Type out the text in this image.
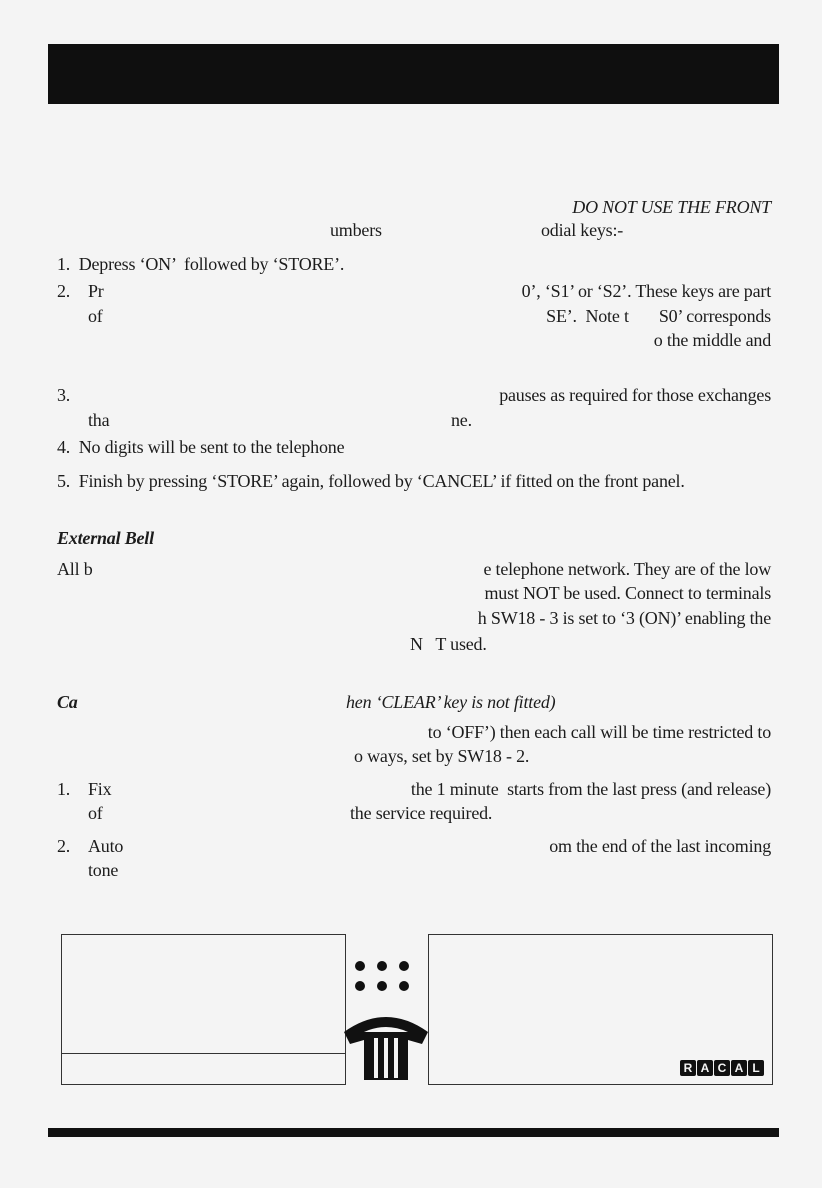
DO NOT USE THE FRONT
umbers	odial keys:-
1.  Depress ‘ON’  followed by ‘STORE’.
2. Pr	0’, ‘S1’ or ‘S2’. These keys are part
of	SE’.  Note t       S0’ corresponds
o the middle and
3.	pauses as required for those exchanges
tha	ne.
4.  No digits will be sent to the telephone
5.  Finish by pressing ‘STORE’ again, followed by ‘CANCEL’ if fitted on the front panel.
External Bell
All b	e telephone network. They are of the low
must NOT be used. Connect to terminals
h SW18 - 3 is set to ‘3 (ON)’ enabling the
N   T used.
Ca	hen ‘CLEAR’ key is not fitted)
to ‘OFF’) then each call will be time restricted to
o ways, set by SW18 - 2.
1. Fix	the 1 minute  starts from the last press (and release)
of	the service required.
2. Auto	om the end of the last incoming
tone
R A C A L
